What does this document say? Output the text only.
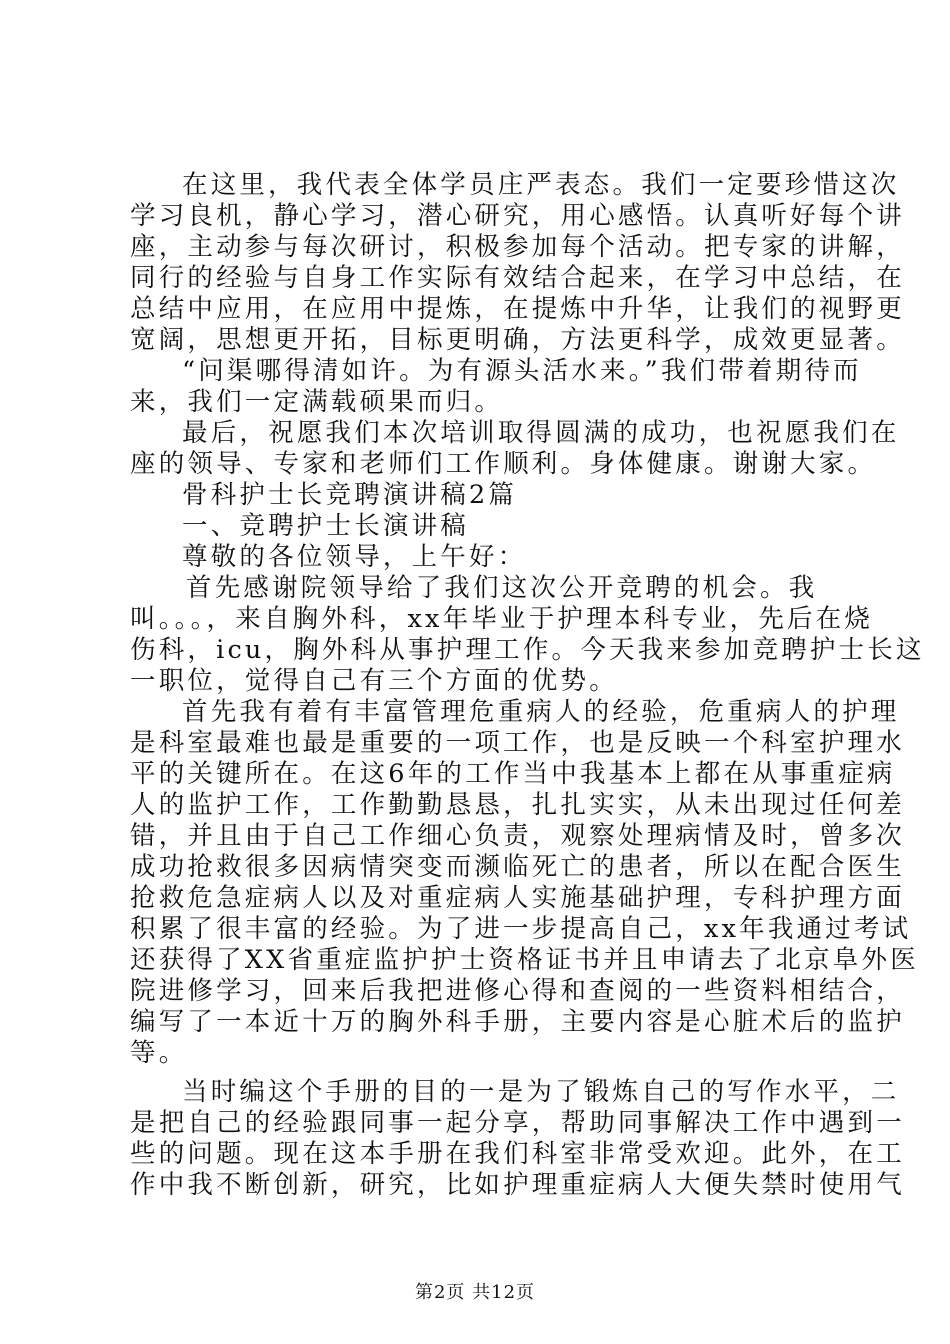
在这里，我代表全体学员庄严表态。我们一定要珍惜这次
学习良机，静心学习，潜心研究，用心感悟。认真听好每个讲
座，主动参与每次研讨，积极参加每个活动。把专家的讲解，
同行的经验与自身工作实际有效结合起来，在学习中总结，在
总结中应用，在应用中提炼，在提炼中升华，让我们的视野更
宽阔，思想更开拓，目标更明确，方法更科学，成效更显著。
“问渠哪得清如许。为有源头活水来。”我们带着期待而
来，我们一定满载硕果而归。
最后，祝愿我们本次培训取得圆满的成功，也祝愿我们在
座的领导、专家和老师们工作顺利。身体健康。谢谢大家。
骨科护士长竞聘演讲稿2篇
一、竞聘护士长演讲稿
尊敬的各位领导，上午好：
首先感谢院领导给了我们这次公开竞聘的机会。我
叫。。。，来自胸外科，xx年毕业于护理本科专业，先后在烧
伤科，icu，胸外科从事护理工作。今天我来参加竞聘护士长这
一职位，觉得自己有三个方面的优势。
首先我有着有丰富管理危重病人的经验，危重病人的护理
是科室最难也最是重要的一项工作，也是反映一个科室护理水
平的关键所在。在这6年的工作当中我基本上都在从事重症病
人的监护工作，工作勤勤恳恳，扎扎实实，从未出现过任何差
错，并且由于自己工作细心负责，观察处理病情及时，曾多次
成功抢救很多因病情突变而濒临死亡的患者，所以在配合医生
抢救危急症病人以及对重症病人实施基础护理，专科护理方面
积累了很丰富的经验。为了进一步提高自己，xx年我通过考试
还获得了XX省重症监护护士资格证书并且申请去了北京阜外医
院进修学习，回来后我把进修心得和查阅的一些资料相结合，
编写了一本近十万的胸外科手册，主要内容是心脏术后的监护
等。
当时编这个手册的目的一是为了锻炼自己的写作水平，二
是把自己的经验跟同事一起分享，帮助同事解决工作中遇到一
些的问题。现在这本手册在我们科室非常受欢迎。此外，在工
作中我不断创新，研究，比如护理重症病人大便失禁时使用气
第2页 共12页
